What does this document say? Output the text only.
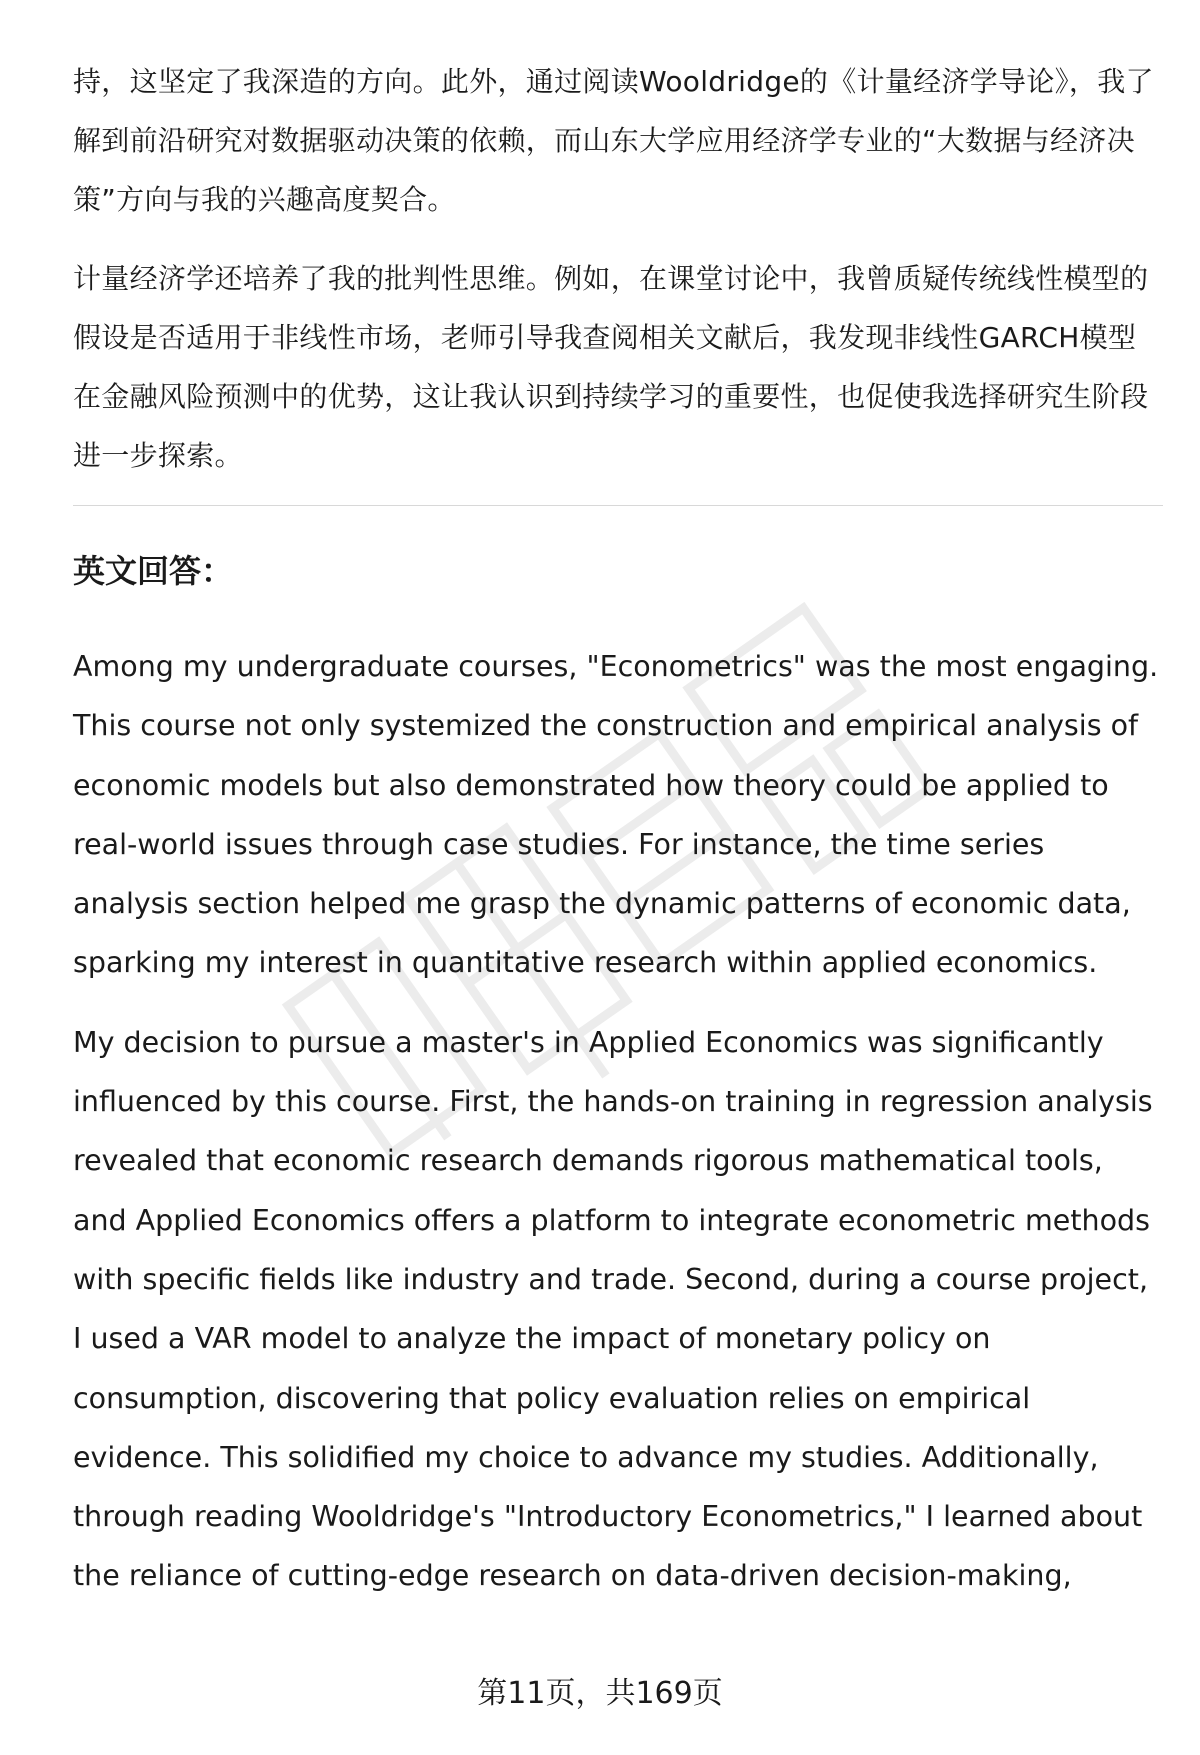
持，这坚定了我深造的方向。此外，通过阅读Wooldridge的《计量经济学导论》，我了解到前沿研究对数据驱动决策的依赖，而山东大学应用经济学专业的“大数据与经济决策”方向与我的兴趣高度契合。

计量经济学还培养了我的批判性思维。例如，在课堂讨论中，我曾质疑传统线性模型的假设是否适用于非线性市场，老师引导我查阅相关文献后，我发现非线性GARCH模型在金融风险预测中的优势，这让我认识到持续学习的重要性，也促使我选择研究生阶段进一步探索。

英文回答：

Among my undergraduate courses, "Econometrics" was the most engaging. This course not only systemized the construction and empirical analysis of economic models but also demonstrated how theory could be applied to real-world issues through case studies. For instance, the time series analysis section helped me grasp the dynamic patterns of economic data, sparking my interest in quantitative research within applied economics.

My decision to pursue a master's in Applied Economics was significantly influenced by this course. First, the hands-on training in regression analysis revealed that economic research demands rigorous mathematical tools, and Applied Economics offers a platform to integrate econometric methods with specific fields like industry and trade. Second, during a course project, I used a VAR model to analyze the impact of monetary policy on consumption, discovering that policy evaluation relies on empirical evidence. This solidified my choice to advance my studies. Additionally, through reading Wooldridge's "Introductory Econometrics," I learned about the reliance of cutting-edge research on data-driven decision-making,

第11页，共169页
